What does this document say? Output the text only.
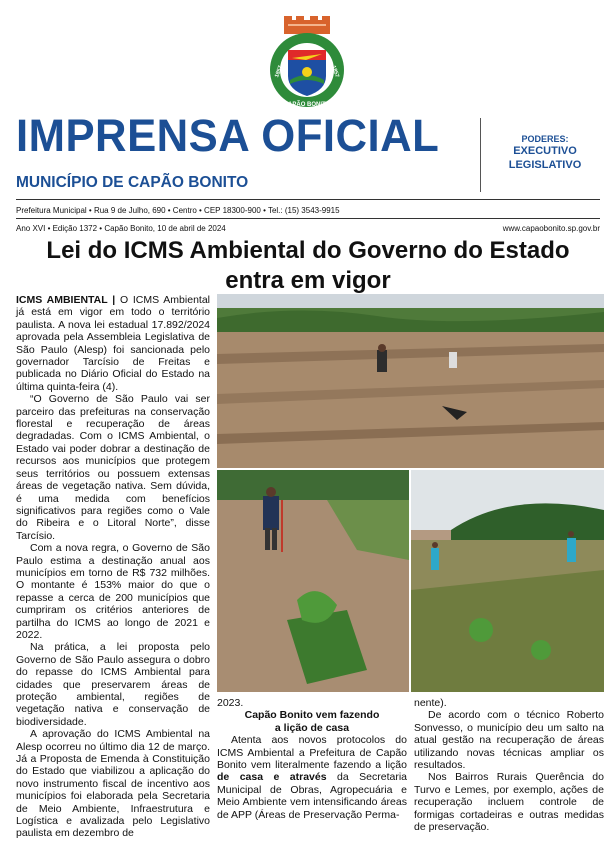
CAPÃO BONITO
1857	1857
IMPRENSA OFICIAL
MUNICÍPIO DE CAPÃO BONITO
PODERES:
EXECUTIVO
LEGISLATIVO
Prefeitura Municipal • Rua 9 de Julho, 690 • Centro • CEP 18300-900 • Tel.: (15) 3543-9915
Ano XVI • Edição 1372 • Capão Bonito, 10 de abril de 2024	www.capaobonito.sp.gov.br
Lei do ICMS Ambiental do Governo do Estado entra em vigor

ICMS AMBIENTAL | O ICMS Ambiental já está em vigor em todo o território paulista. A nova lei estadual 17.892/2024 aprovada pela Assembleia Legislativa de São Paulo (Alesp) foi sancionada pelo governador Tarcísio de Freitas e publicada no Diário Oficial do Estado na última quinta-feira (4).

“O Governo de São Paulo vai ser parceiro das prefeituras na conservação florestal e recuperação de áreas degradadas. Com o ICMS Ambiental, o Estado vai poder dobrar a destinação de recursos aos municípios que protegem seus territórios ou possuem extensas áreas de vegetação nativa. Sem dúvida, é uma medida com benefícios significativos para regiões como o Vale do Ribeira e o Litoral Norte”, disse Tarcísio.

Com a nova regra, o Governo de São Paulo estima a destinação anual aos municípios em torno de R$ 732 milhões. O montante é 153% maior do que o repasse a cerca de 200 municípios que cumpriram os critérios anteriores de partilha do ICMS ao longo de 2021 e 2022.

Na prática, a lei proposta pelo Governo de São Paulo assegura o dobro do repasse do ICMS Ambiental para cidades que preservarem áreas de proteção ambiental, regiões de vegetação nativa e conservação de biodiversidade.

A aprovação do ICMS Ambiental na Alesp ocorreu no último dia 12 de março. Já a Proposta de Emenda à Constituição do Estado que viabilizou a aplicação do novo instrumento fiscal de incentivo aos municípios foi elaborada pela Secretaria de Meio Ambiente, Infraestrutura e Logística e avalizada pelo Legislativo paulista em dezembro de

2023.

Capão Bonito vem fazendo
a lição de casa

Atenta aos novos protocolos do ICMS Ambiental a Prefeitura de Capão Bonito vem literalmente fazendo a lição de casa e através da Secretaria Municipal de Obras, Agropecuária e Meio Ambiente vem intensificando áreas de APP (Áreas de Preservação Perma-

nente).

De acordo com o técnico Roberto Sonvesso, o município deu um salto na atual gestão na recuperação de áreas utilizando novas técnicas ampliar os resultados.

Nos Bairros Rurais Querência do Turvo e Lemes, por exemplo, ações de recuperação incluem controle de formigas cortadeiras e outras medidas de preservação.
